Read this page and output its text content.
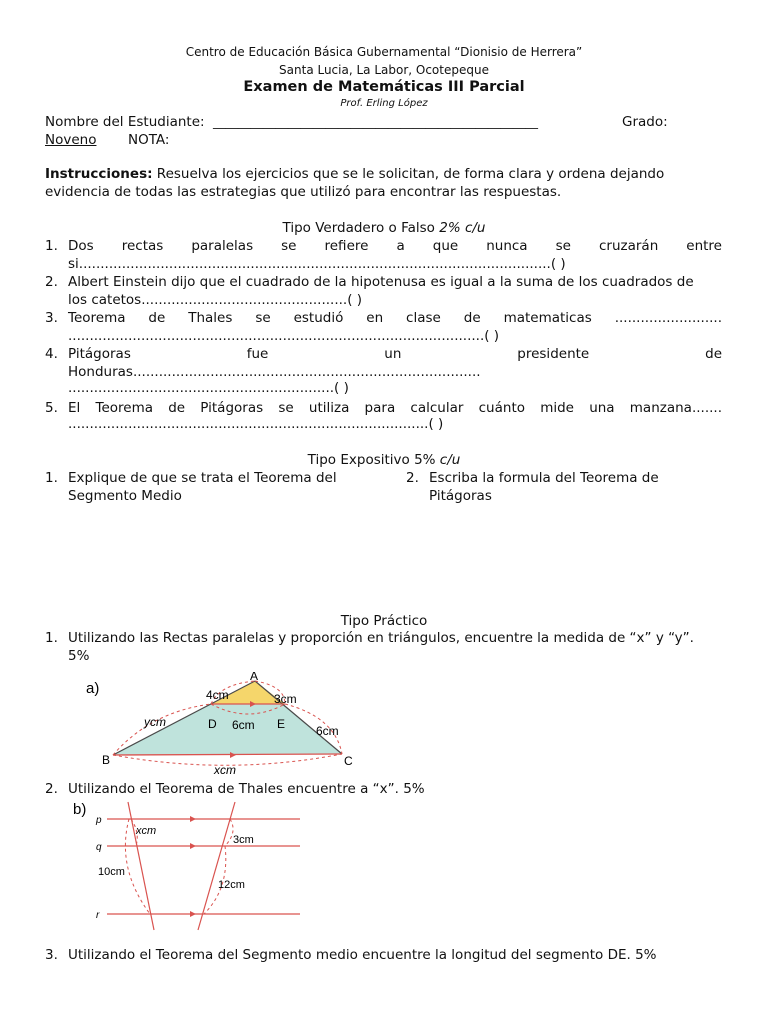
Centro de Educación Básica Gubernamental “Dionisio de Herrera”
Santa Lucia, La Labor, Ocotepeque
Examen de Matemáticas III Parcial
Prof. Erling López
Nombre del Estudiante: ____________________________________________________	Grado:
Noveno NOTA:
Instrucciones: Resuelva los ejercicios que se le solicitan, de forma clara y ordena dejando
evidencia de todas las estrategias que utilizó para encontrar las respuestas.
Tipo Verdadero o Falso 2% c/u
1. Dos rectas paralelas se refiere a que nunca se cruzarán entre
si..............................................................................................................( )
2. Albert Einstein dijo que el cuadrado de la hipotenusa es igual a la suma de los cuadrados de
los catetos................................................( )
3. Teorema de Thales se estudió en clase de matematicas .........................
.................................................................................................( )
4. Pitágoras fue un presidente de
Honduras.................................................................................
..............................................................( )
5. El Teorema de Pitágoras se utiliza para calcular cuánto mide una manzana.......
....................................................................................( )
Tipo Expositivo 5% c/u
1. Explique de que se trata el Teorema del
Segmento Medio
2. Escriba la formula del Teorema de
Pitágoras
Tipo Práctico
1. Utilizando las Rectas paralelas y proporción en triángulos, encuentre la medida de “x” y “y”.
5%
a)
A
B	C
D	E
4cm	3cm
6cm	6cm
ycm
xcm
2. Utilizando el Teorema de Thales encuentre a “x”. 5%
b)
p
q
r
xcm
3cm
10cm
12cm
3. Utilizando el Teorema del Segmento medio encuentre la longitud del segmento DE. 5%
